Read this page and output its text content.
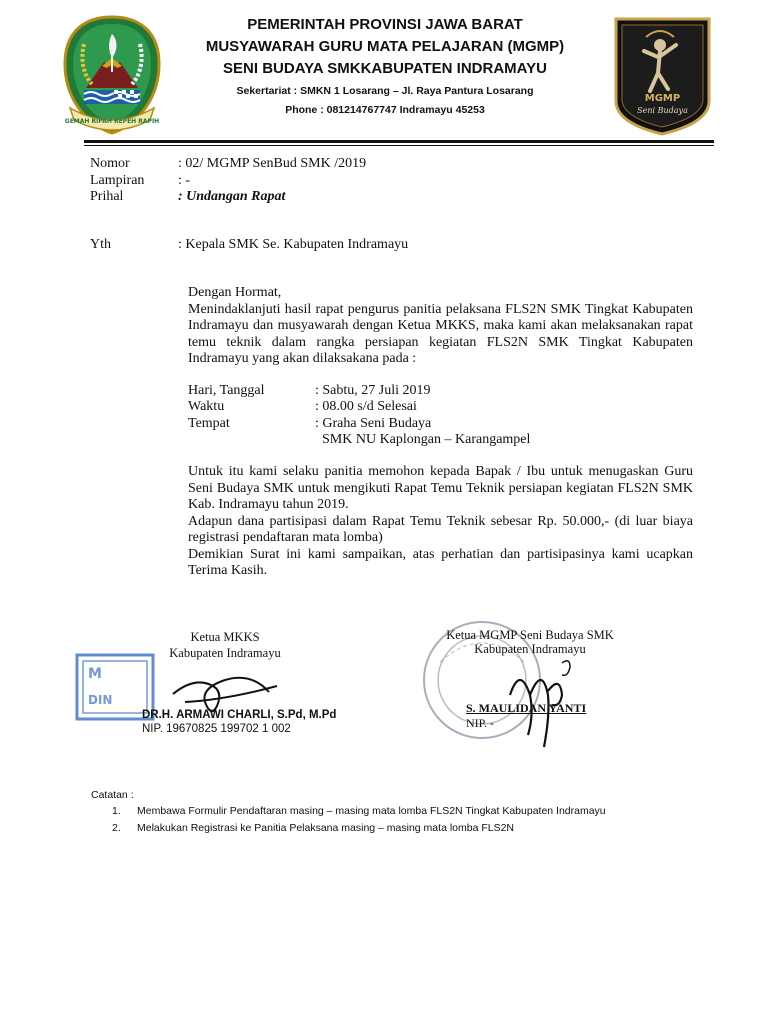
GEMAH RIPAH REPEH RAPIH
PEMERINTAH PROVINSI JAWA BARAT
MUSYAWARAH GURU MATA PELAJARAN (MGMP)
SENI BUDAYA SMKKABUPATEN INDRAMAYU
Sekertariat : SMKN 1 Losarang – Jl. Raya Pantura Losarang
Phone : 081214767747 Indramayu 45253
MGMP
Seni Budaya
Nomor	: 02/ MGMP SenBud SMK /2019
Lampiran : -
Prihal	: Undangan Rapat
Yth	: Kepala SMK Se. Kabupaten Indramayu

Dengan Hormat,

Menindaklanjuti hasil rapat pengurus panitia pelaksana FLS2N SMK Tingkat Kabupaten Indramayu dan musyawarah dengan Ketua MKKS, maka kami akan melaksanakan rapat temu teknik dalam rangka persiapan kegiatan FLS2N SMK Tingkat Kabupaten Indramayu yang akan dilaksakana pada :

Hari, Tanggal	: Sabtu, 27 Juli 2019
Waktu	: 08.00 s/d Selesai
Tempat	: Graha Seni Budaya
SMK NU Kaplongan – Karangampel

Untuk itu kami selaku panitia memohon kepada Bapak / Ibu untuk menugaskan Guru Seni Budaya SMK untuk mengikuti Rapat Temu Teknik persiapan kegiatan FLS2N SMK Kab. Indramayu tahun 2019.

Adapun dana partisipasi dalam Rapat Temu Teknik sebesar Rp. 50.000,- (di luar biaya registrasi pendaftaran mata lomba)

Demikian Surat ini kami sampaikan, atas perhatian dan partisipasinya kami ucapkan Terima Kasih.

M
DIN
Ketua MKKS
Kabupaten Indramayu
DR.H. ARMAWI CHARLI, S.Pd, M.Pd
NIP. 19670825 199702 1 002
Ketua MGMP Seni Budaya SMK
Kabupaten Indramayu
S. MAULIDAN YANTI
NIP. -
Catatan :
1. Membawa Formulir Pendaftaran masing – masing mata lomba FLS2N Tingkat Kabupaten Indramayu
2. Melakukan Registrasi ke Panitia Pelaksana masing – masing mata lomba FLS2N
